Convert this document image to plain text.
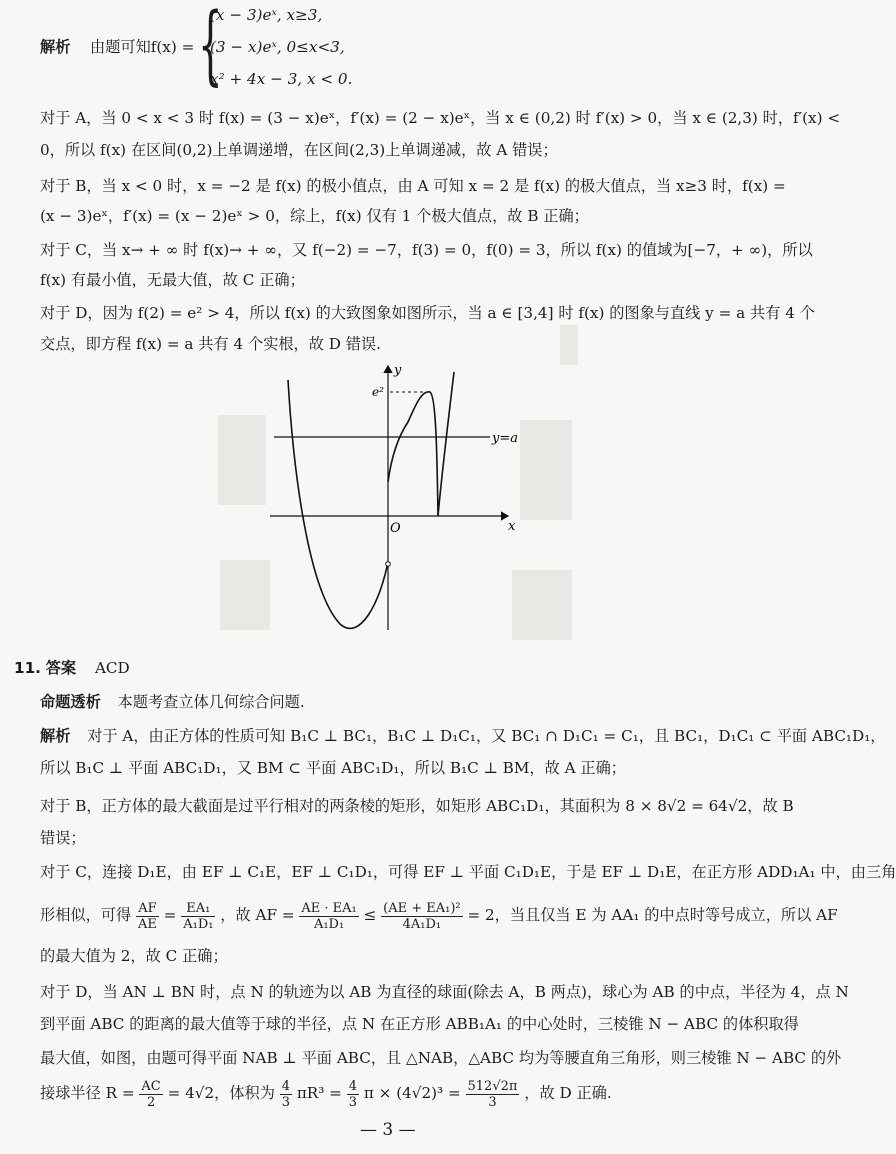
解析 由题可知f(x) = {
(x − 3)eˣ, x≥3,
(3 − x)eˣ, 0≤x<3,
x² + 4x − 3, x < 0.
对于 A，当 0 < x < 3 时 f(x) = (3 − x)eˣ，f′(x) = (2 − x)eˣ，当 x ∈ (0,2) 时 f′(x) > 0，当 x ∈ (2,3) 时，f′(x) <
0，所以 f(x) 在区间(0,2)上单调递增，在区间(2,3)上单调递减，故 A 错误；
对于 B，当 x < 0 时，x = −2 是 f(x) 的极小值点，由 A 可知 x = 2 是 f(x) 的极大值点，当 x≥3 时，f(x) =
(x − 3)eˣ，f′(x) = (x − 2)eˣ > 0，综上，f(x) 仅有 1 个极大值点，故 B 正确；
对于 C，当 x→ + ∞ 时 f(x)→ + ∞，又 f(−2) = −7，f(3) = 0，f(0) = 3，所以 f(x) 的值域为[−7，+ ∞)，所以
f(x) 有最小值，无最大值，故 C 正确；
对于 D，因为 f(2) = e² > 4，所以 f(x) 的大致图象如图所示，当 a ∈ [3,4] 时 f(x) 的图象与直线 y = a 共有 4 个
交点，即方程 f(x) = a 共有 4 个实根，故 D 错误.
e²
y
x
O
y=a
11. 答案 ACD
命题透析 本题考查立体几何综合问题.
解析 对于 A，由正方体的性质可知 B₁C ⊥ BC₁，B₁C ⊥ D₁C₁，又 BC₁ ∩ D₁C₁ = C₁，且 BC₁，D₁C₁ ⊂ 平面 ABC₁D₁，
所以 B₁C ⊥ 平面 ABC₁D₁，又 BM ⊂ 平面 ABC₁D₁，所以 B₁C ⊥ BM，故 A 正确；
对于 B，正方体的最大截面是过平行相对的两条棱的矩形，如矩形 ABC₁D₁，其面积为 8 × 8√2 = 64√2，故 B
错误；
对于 C，连接 D₁E，由 EF ⊥ C₁E，EF ⊥ C₁D₁，可得 EF ⊥ 平面 C₁D₁E，于是 EF ⊥ D₁E，在正方形 ADD₁A₁ 中，由三角
形相似，可得 $\frac{AF}{AE} = \frac{\text{EA₁}}{\text{A₁D₁}}$ ，故 AF = $\frac{\text{AE · EA₁}}{\text{A₁D₁}} \le \frac{\text{(AE + EA₁)²}}{\text{4A₁D₁}} = 2$，当且仅当 E 为 AA₁ 的中点时等号成立，所以 AF
的最大值为 2，故 C 正确；
对于 D，当 AN ⊥ BN 时，点 N 的轨迹为以 AB 为直径的球面(除去 A，B 两点)，球心为 AB 的中点，半径为 4，点 N
到平面 ABC 的距离的最大值等于球的半径，点 N 在正方形 ABB₁A₁ 的中心处时，三棱锥 N − ABC 的体积取得
最大值，如图，由题可得平面 NAB ⊥ 平面 ABC，且 △NAB，△ABC 均为等腰直角三角形，则三棱锥 N − ABC 的外
接球半径 $R = \frac{AC}{2} = 4√2$，体积为 $\frac{4}{3} \pi R^3 = \frac{4}{3}$ $\pi \times (4√2)^3 = \frac{512√2\pi}{3}$ ，故 D 正确.
— 3 —
